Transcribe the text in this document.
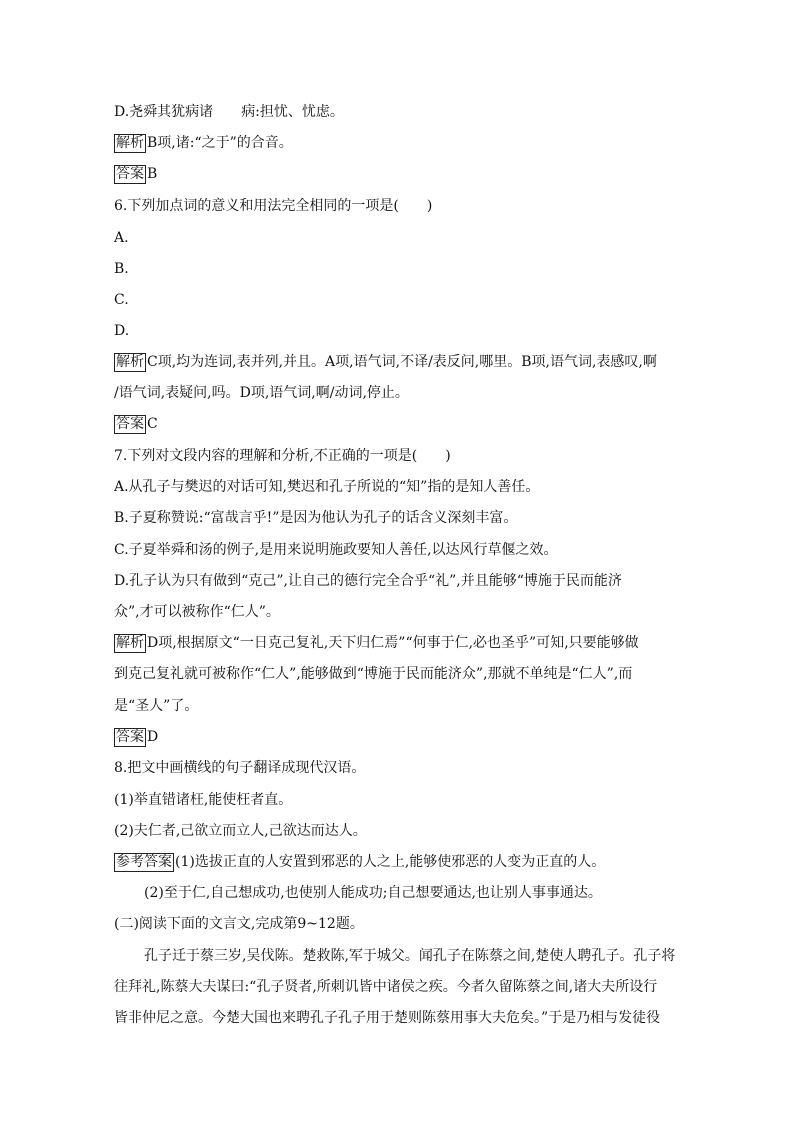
D.尧舜其犹病诸 病:担忧、忧虑。
解析 B项,诸:“之于”的合音。
答案 B
6.下列加点词的意义和用法完全相同的一项是(　　)
A.
B.
C.
D.
解析 C项,均为连词,表并列,并且。A项,语气词,不译/表反问,哪里。B项,语气词,表感叹,啊
/语气词,表疑问,吗。D项,语气词,啊/动词,停止。
答案 C
7.下列对文段内容的理解和分析,不正确的一项是(　　)
A.从孔子与樊迟的对话可知,樊迟和孔子所说的“知”指的是知人善任。
B.子夏称赞说:“富哉言乎!”是因为他认为孔子的话含义深刻丰富。
C.子夏举舜和汤的例子,是用来说明施政要知人善任,以达风行草偃之效。
D.孔子认为只有做到“克己”,让自己的德行完全合乎“礼”,并且能够“博施于民而能济
众”,才可以被称作“仁人”。
解析 D项,根据原文“一日克己复礼,天下归仁焉”“何事于仁,必也圣乎”可知,只要能够做
到克己复礼就可被称作“仁人”,能够做到“博施于民而能济众”,那就不单纯是“仁人”,而
是“圣人”了。
答案 D
8.把文中画横线的句子翻译成现代汉语。
(1)举直错诸枉,能使枉者直。
(2)夫仁者,己欲立而立人,己欲达而达人。
参考答案 (1)选拔正直的人安置到邪恶的人之上,能够使邪恶的人变为正直的人。
(2)至于仁,自己想成功,也使别人能成功;自己想要通达,也让别人事事通达。
(二)阅读下面的文言文,完成第9~12题。
孔子迁于蔡三岁,吴伐陈。楚救陈,军于城父。闻孔子在陈蔡之间,楚使人聘孔子。孔子将
往拜礼,陈蔡大夫谋曰:“孔子贤者,所刺讥皆中诸侯之疾。今者久留陈蔡之间,诸大夫所设行
皆非仲尼之意。今楚大国也来聘孔子孔子用于楚则陈蔡用事大夫危矣。”于是乃相与发徒役
